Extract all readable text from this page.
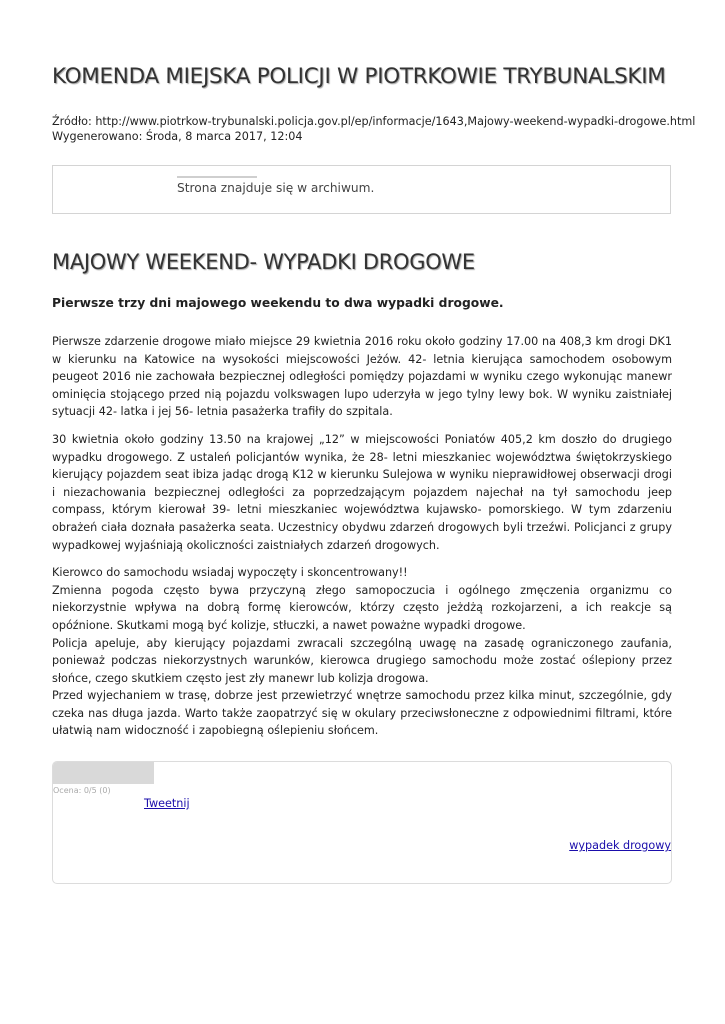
KOMENDA MIEJSKA POLICJI W PIOTRKOWIE TRYBUNALSKIM
Źródło: http://www.piotrkow-trybunalski.policja.gov.pl/ep/informacje/1643,Majowy-weekend-wypadki-drogowe.html
Wygenerowano: Środa, 8 marca 2017, 12:04
Strona znajduje się w archiwum.
MAJOWY WEEKEND- WYPADKI DROGOWE
Pierwsze trzy dni majowego weekendu to dwa wypadki drogowe.

Pierwsze zdarzenie drogowe miało miejsce 29 kwietnia 2016 roku około godziny 17.00 na 408,3 km drogi DK1 w kierunku na Katowice na wysokości miejscowości Jeżów. 42- letnia kierująca samochodem osobowym peugeot 2016 nie zachowała bezpiecznej odległości pomiędzy pojazdami w wyniku czego wykonując manewr ominięcia stojącego przed nią pojazdu volkswagen lupo uderzyła w jego tylny lewy bok. W wyniku zaistniałej sytuacji 42- latka i jej 56- letnia pasażerka trafiły do szpitala.

30 kwietnia około godziny 13.50 na krajowej „12” w miejscowości Poniatów 405,2 km doszło do drugiego wypadku drogowego. Z ustaleń policjantów wynika, że 28- letni mieszkaniec województwa świętokrzyskiego kierujący pojazdem seat ibiza jadąc drogą K12 w kierunku Sulejowa w wyniku nieprawidłowej obserwacji drogi i niezachowania bezpiecznej odległości za poprzedzającym pojazdem najechał na tył samochodu jeep compass, którym kierował 39- letni mieszkaniec województwa kujawsko- pomorskiego. W tym zdarzeniu obrażeń ciała doznała pasażerka seata. Uczestnicy obydwu zdarzeń drogowych byli trzeźwi. Policjanci z grupy wypadkowej wyjaśniają okoliczności zaistniałych zdarzeń drogowych.

Kierowco do samochodu wsiadaj wypoczęty i skoncentrowany!!

Zmienna pogoda często bywa przyczyną złego samopoczucia i ogólnego zmęczenia organizmu co niekorzystnie wpływa na dobrą formę kierowców, którzy często jeżdżą rozkojarzeni, a ich reakcje są opóźnione. Skutkami mogą być kolizje, stłuczki, a nawet poważne wypadki drogowe.

Policja apeluje, aby kierujący pojazdami zwracali szczególną uwagę na zasadę ograniczonego zaufania, ponieważ podczas niekorzystnych warunków, kierowca drugiego samochodu może zostać oślepiony przez słońce, czego skutkiem często jest zły manewr lub kolizja drogowa.

Przed wyjechaniem w trasę, dobrze jest przewietrzyć wnętrze samochodu przez kilka minut, szczególnie, gdy czeka nas długa jazda. Warto także zaopatrzyć się w okulary przeciwsłoneczne z odpowiednimi filtrami, które ułatwią nam widoczność i zapobiegną oślepieniu słońcem.

Ocena: 0/5 (0)
Tweetnij
wypadek drogowy
